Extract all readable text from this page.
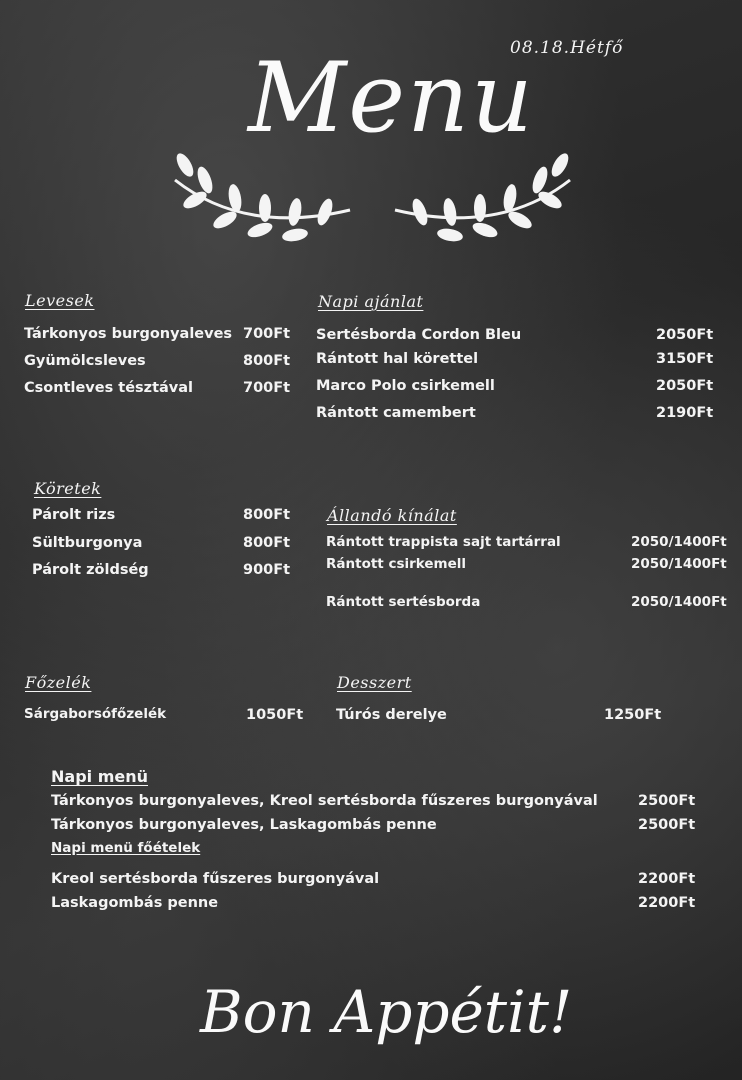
08.18.Hétfő
Menu
Levesek
Tárkonyos burgonyaleves 700Ft
Gyümölcsleves	800Ft
Csontleves tésztával	700Ft
Napi ajánlat
Sertésborda Cordon Bleu	2050Ft
Rántott hal körettel	3150Ft
Marco Polo csirkemell	2050Ft
Rántott camembert	2190Ft
Köretek
Párolt rizs	800Ft
Sültburgonya	800Ft
Párolt zöldség	900Ft
Állandó kínálat
Rántott trappista sajt tartárral	2050/1400Ft
Rántott csirkemell	2050/1400Ft
Rántott sertésborda	2050/1400Ft
Főzelék
Sárgaborsófőzelék	1050Ft
Desszert
Túrós derelye	1250Ft
Napi menü
Tárkonyos burgonyaleves, Kreol sertésborda fűszeres burgonyával	2500Ft
Tárkonyos burgonyaleves, Laskagombás penne	2500Ft
Napi menü főételek
Kreol sertésborda fűszeres burgonyával	2200Ft
Laskagombás penne	2200Ft
Bon Appétit!
